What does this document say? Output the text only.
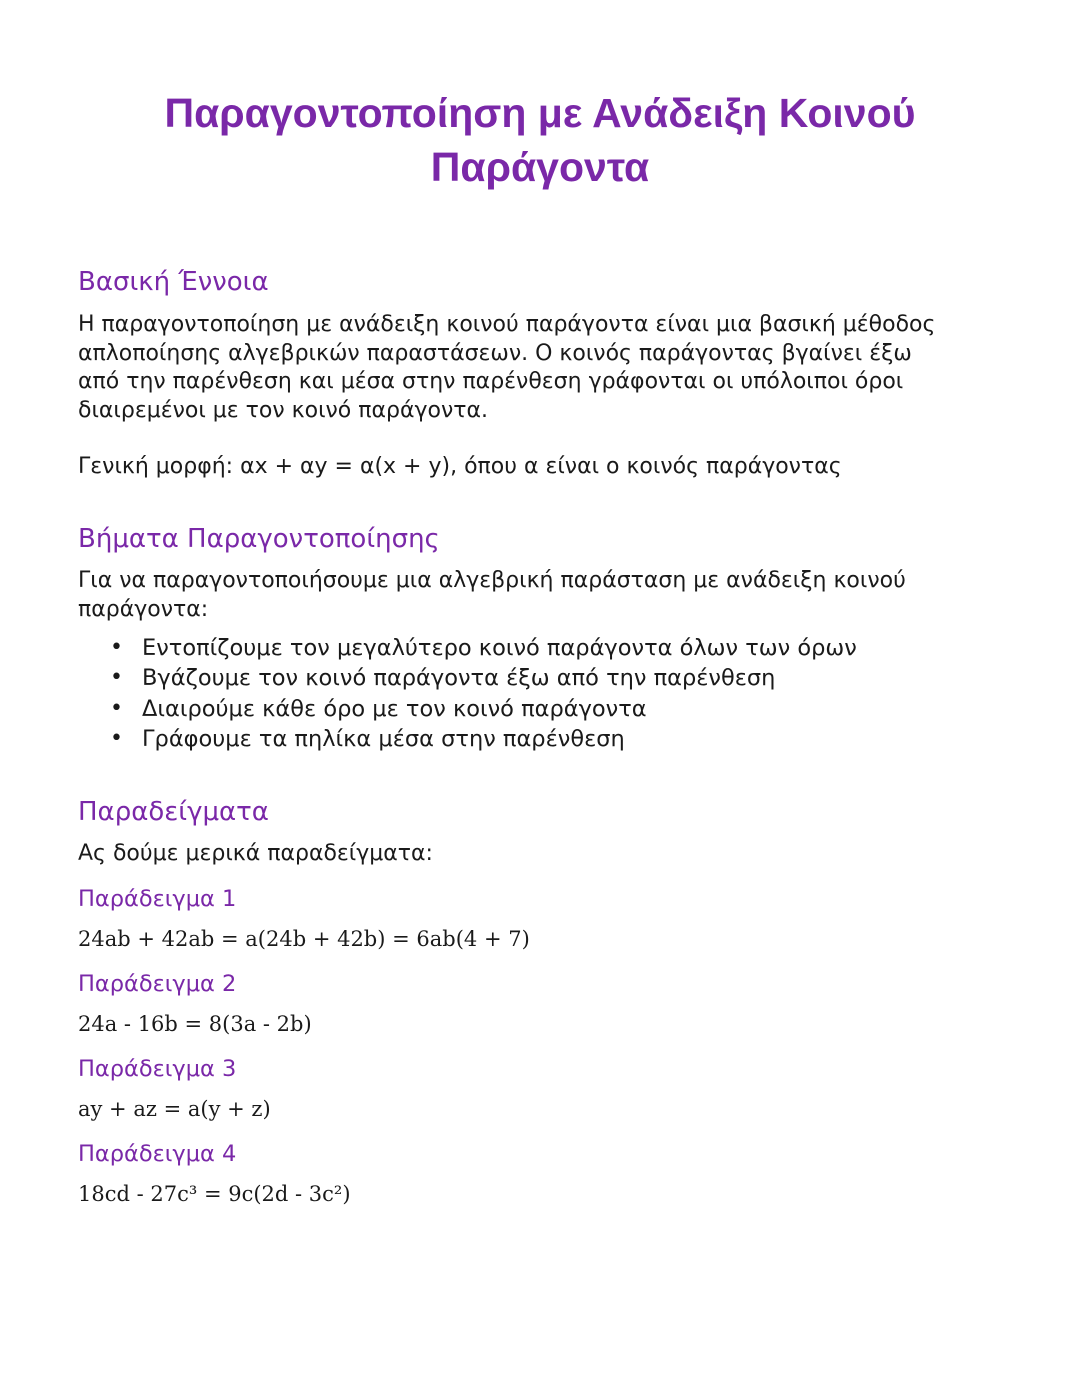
Παραγοντοποίηση με Ανάδειξη Κοινού
Παράγοντα
Βασική Έννοια

Η παραγοντοποίηση με ανάδειξη κοινού παράγοντα είναι μια βασική μέθοδος
απλοποίησης αλγεβρικών παραστάσεων. Ο κοινός παράγοντας βγαίνει έξω
από την παρένθεση και μέσα στην παρένθεση γράφονται οι υπόλοιποι όροι
διαιρεμένοι με τον κοινό παράγοντα.

Γενική μορφή: αx + αy = α(x + y), όπου α είναι ο κοινός παράγοντας

Βήματα Παραγοντοποίησης

Για να παραγοντοποιήσουμε μια αλγεβρική παράσταση με ανάδειξη κοινού
παράγοντα:

• Εντοπίζουμε τον μεγαλύτερο κοινό παράγοντα όλων των όρων
• Βγάζουμε τον κοινό παράγοντα έξω από την παρένθεση
• Διαιρούμε κάθε όρο με τον κοινό παράγοντα
• Γράφουμε τα πηλίκα μέσα στην παρένθεση
Παραδείγματα

Ας δούμε μερικά παραδείγματα:

Παράδειγμα 1

24ab + 42ab = a(24b + 42b) = 6ab(4 + 7)

Παράδειγμα 2

24a - 16b = 8(3a - 2b)

Παράδειγμα 3

ay + az = a(y + z)

Παράδειγμα 4

18cd - 27c³ = 9c(2d - 3c²)
